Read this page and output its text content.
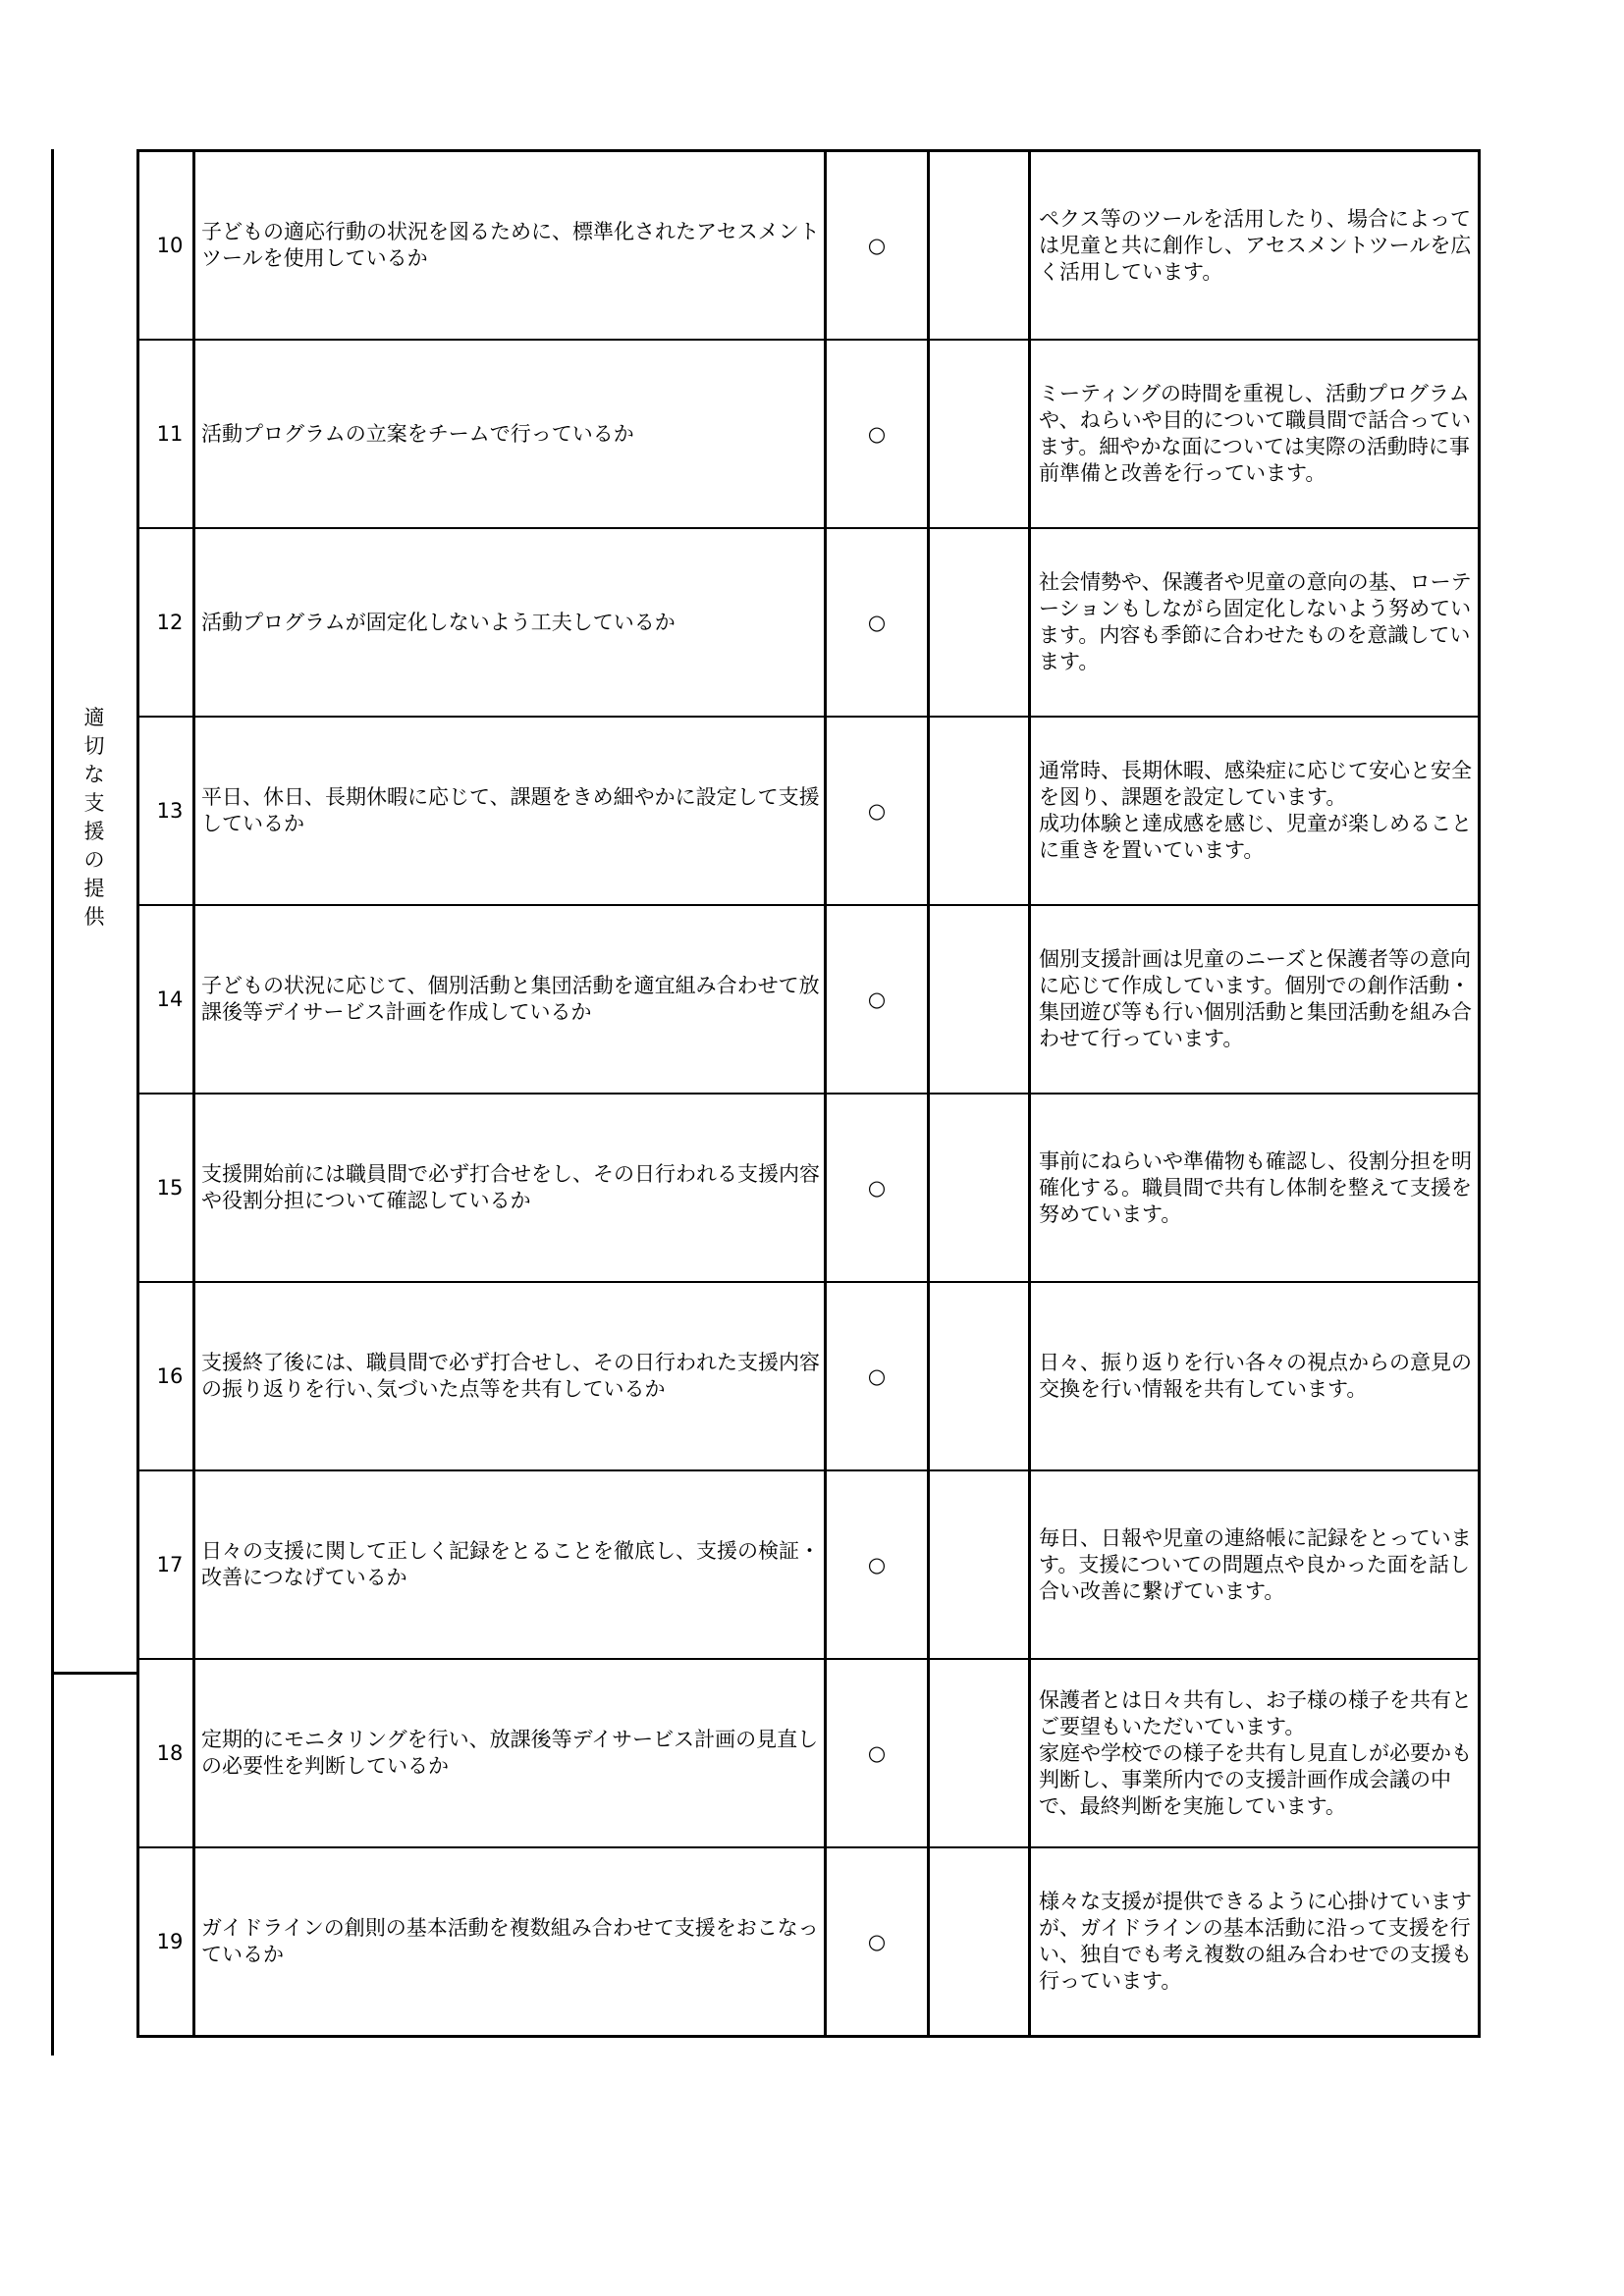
適切な支援の提供
10	子どもの適応行動の状況を図るために、標準化されたアセスメントツールを使用しているか	○		ペクス等のツールを活用したり、場合によっては児童と共に創作し、アセスメントツールを広く活用しています。

11	活動プログラムの立案をチームで行っているか	○		ミーティングの時間を重視し、活動プログラムや、ねらいや目的について職員間で話合っています。細やかな面については実際の活動時に事前準備と改善を行っています。

12	活動プログラムが固定化しないよう工夫しているか	○		社会情勢や、保護者や児童の意向の基、ローテーションもしながら固定化しないよう努めています。内容も季節に合わせたものを意識しています。

13	平日、休日、長期休暇に応じて、課題をきめ細やかに設定して支援しているか	○		通常時、長期休暇、感染症に応じて安心と安全を図り、課題を設定しています。
成功体験と達成感を感じ、児童が楽しめることに重きを置いています。

14	子どもの状況に応じて、個別活動と集団活動を適宜組み合わせて放課後等デイサービス計画を作成しているか	○		個別支援計画は児童のニーズと保護者等の意向に応じて作成しています。個別での創作活動・集団遊び等も行い個別活動と集団活動を組み合わせて行っています。

15	支援開始前には職員間で必ず打合せをし、その日行われる支援内容や役割分担について確認しているか	○		事前にねらいや準備物も確認し、役割分担を明確化する。職員間で共有し体制を整えて支援を努めています。

16	支援終了後には、職員間で必ず打合せし、その日行われた支援内容の振り返りを行い､気づいた点等を共有しているか	○		日々、振り返りを行い各々の視点からの意見の交換を行い情報を共有しています。

17	日々の支援に関して正しく記録をとることを徹底し、支援の検証・改善につなげているか	○		毎日、日報や児童の連絡帳に記録をとっています。支援についての問題点や良かった面を話し合い改善に繋げています。

18	定期的にモニタリングを行い、放課後等デイサービス計画の見直しの必要性を判断しているか	○		保護者とは日々共有し、お子様の様子を共有とご要望もいただいています。
家庭や学校での様子を共有し見直しが必要かも判断し、事業所内での支援計画作成会議の中で、最終判断を実施しています。

19	ガイドラインの創則の基本活動を複数組み合わせて支援をおこなっているか	○		様々な支援が提供できるように心掛けていますが、ガイドラインの基本活動に沿って支援を行い、独自でも考え複数の組み合わせでの支援も行っています。
